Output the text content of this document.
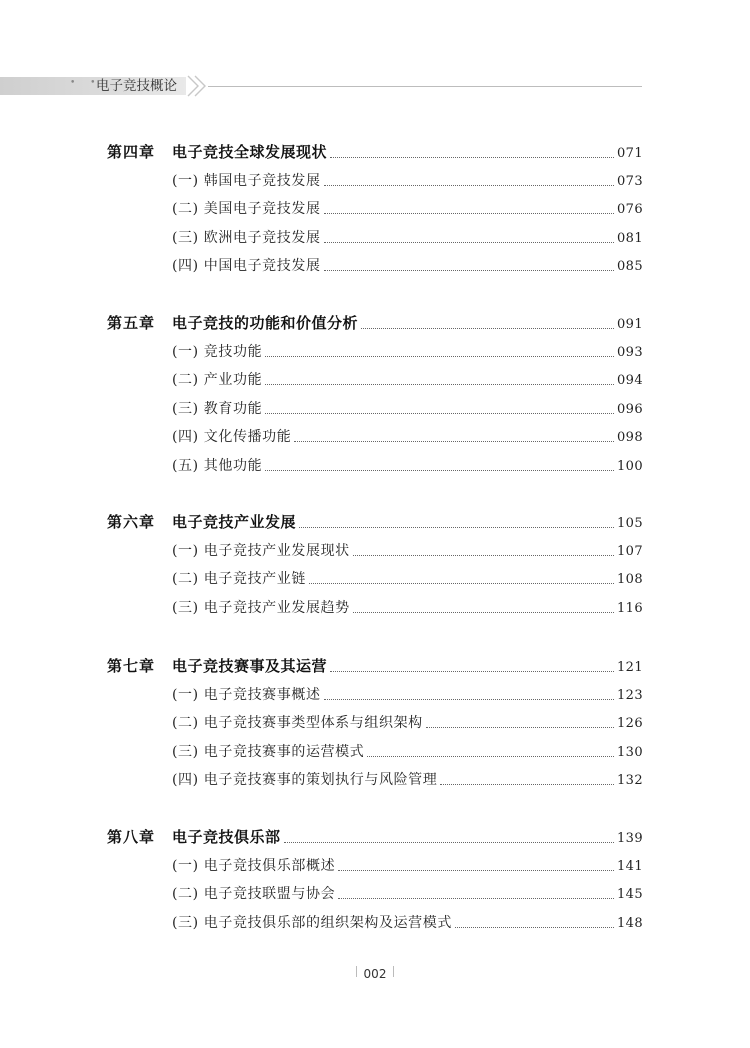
• •
电子竞技概论
第四章 电子竞技全球发展现状	071
(一) 韩国电子竞技发展	073
(二) 美国电子竞技发展	076
(三) 欧洲电子竞技发展	081
(四) 中国电子竞技发展	085
第五章 电子竞技的功能和价值分析	091
(一) 竞技功能	093
(二) 产业功能	094
(三) 教育功能	096
(四) 文化传播功能	098
(五) 其他功能	100
第六章 电子竞技产业发展	105
(一) 电子竞技产业发展现状	107
(二) 电子竞技产业链	108
(三) 电子竞技产业发展趋势	116
第七章 电子竞技赛事及其运营	121
(一) 电子竞技赛事概述	123
(二) 电子竞技赛事类型体系与组织架构	126
(三) 电子竞技赛事的运营模式	130
(四) 电子竞技赛事的策划执行与风险管理	132
第八章 电子竞技俱乐部	139
(一) 电子竞技俱乐部概述	141
(二) 电子竞技联盟与协会	145
(三) 电子竞技俱乐部的组织架构及运营模式	148
002
